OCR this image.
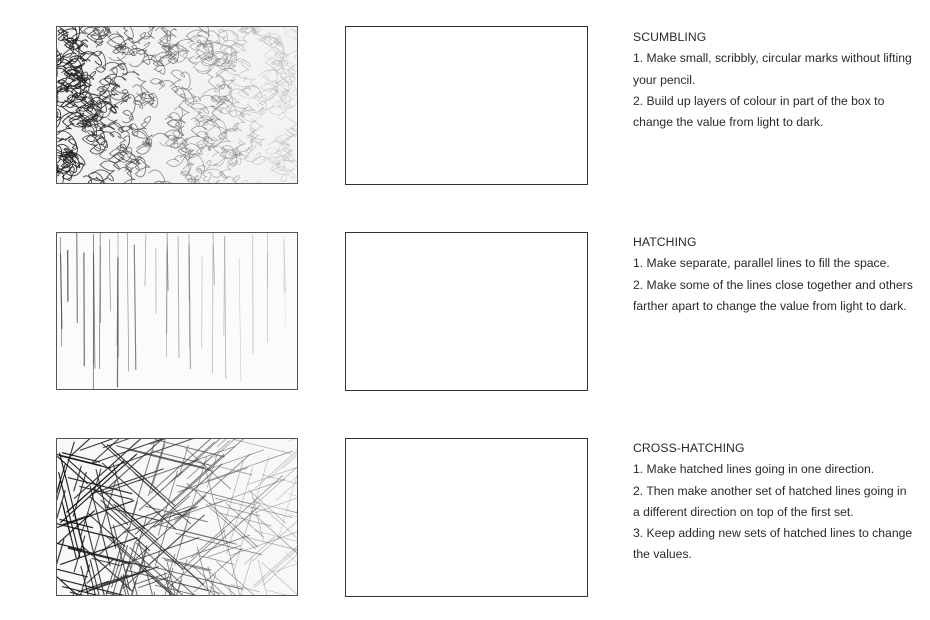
SCUMBLING

1. Make small, scribbly, circular marks without lifting your pencil.

2. Build up layers of colour in part of the box to change the value from light to dark.

HATCHING

1. Make separate, parallel lines to fill the space.

2. Make some of the lines close together and others farther apart to change the value from light to dark.

CROSS-HATCHING

1. Make hatched lines going in one direction.

2. Then make another set of hatched lines going in a different direction on top of the first set.

3. Keep adding new sets of hatched lines to change the values.
